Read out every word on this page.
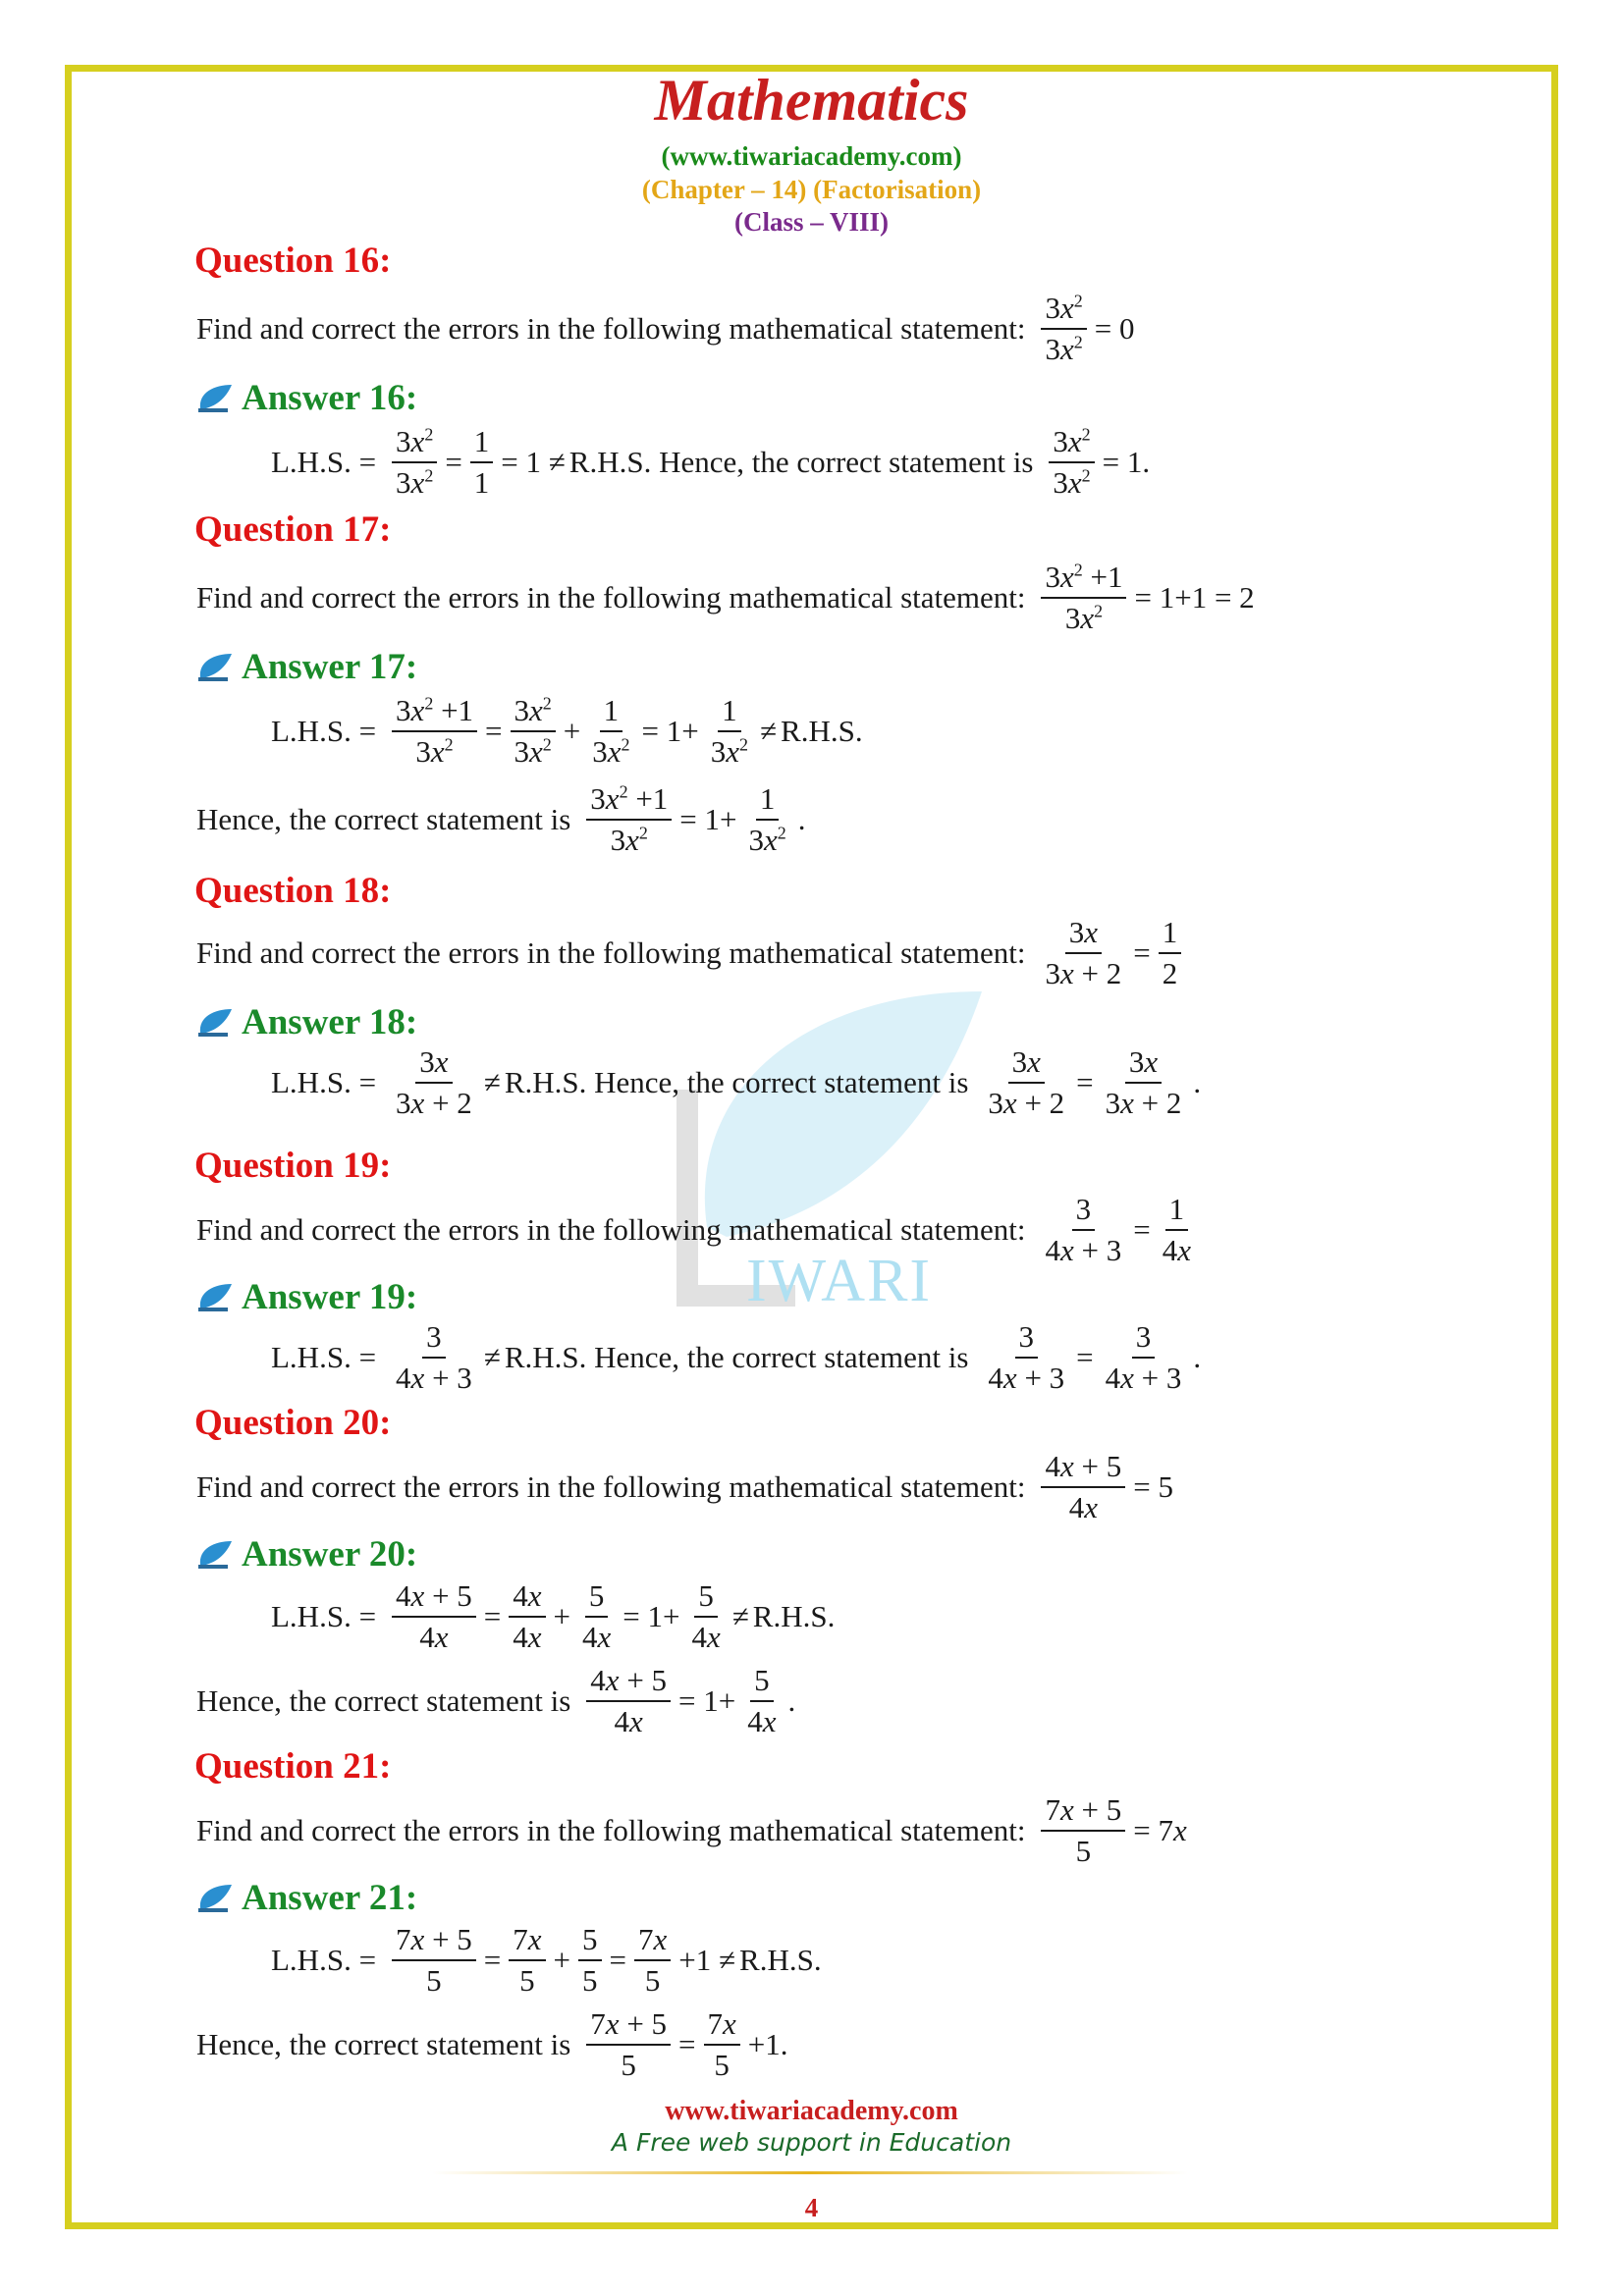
IWARI
Mathematics
(www.tiwariacademy.com)
(Chapter – 14) (Factorisation)
(Class – VIII)
Question 16:
Find and correct the errors in the following mathematical statement: $\frac{3x^2}{3x^2} = 0$
Answer 16:
L.H.S. = $\frac{3x^2}{3x^2} = \frac{1}{1} = 1 \ne R.H.S$. Hence, the correct statement is $\frac{3x^2}{3x^2} = 1$.
Question 17:
Find and correct the errors in the following mathematical statement: $\frac{3x^2 +1}{3x^2} = 1+1 = 2$
Answer 17:
L.H.S. = $\frac{3x^2 +1}{3x^2} = \frac{3x^2}{3x^2} + \frac{1}{3x^2} = 1+ \frac{1}{3x^2} \ne R.H.S$.
Hence, the correct statement is $\frac{3x^2 +1}{3x^2} = 1+ \frac{1}{3x^2}$ .
Question 18:
Find and correct the errors in the following mathematical statement: $\frac{3x}{3x + 2} = \frac{1}{2}$
Answer 18:
L.H.S. = $\frac{3x}{3x + 2} \ne R.H.S$. Hence, the correct statement is $\frac{3x}{3x + 2} = \frac{3x}{3x + 2}$ .
Question 19:
Find and correct the errors in the following mathematical statement: $\frac{3}{4x + 3} = \frac{1}{4x}$
Answer 19:
L.H.S. = $\frac{3}{4x + 3} \ne R.H.S$. Hence, the correct statement is $\frac{3}{4x + 3} = \frac{3}{4x + 3}$ .
Question 20:
Find and correct the errors in the following mathematical statement: $\frac{4x + 5}{4x} = 5$
Answer 20:
L.H.S. = $\frac{4x + 5}{4x} = \frac{4x}{4x} + \frac{5}{4x} = 1+ \frac{5}{4x} \ne R.H.S$.
Hence, the correct statement is $\frac{4x + 5}{4x} = 1+ \frac{5}{4x}$ .
Question 21:
Find and correct the errors in the following mathematical statement: $\frac{7x + 5}{5} = 7x$
Answer 21:
L.H.S. = $\frac{7x + 5}{5} = \frac{7x}{5} + \frac{5}{5} = \frac{7x}{5} +1 \ne R.H.S$.
Hence, the correct statement is $\frac{7x + 5}{5} = \frac{7x}{5} +1$.
www.tiwariacademy.com
A Free web support in Education
4
